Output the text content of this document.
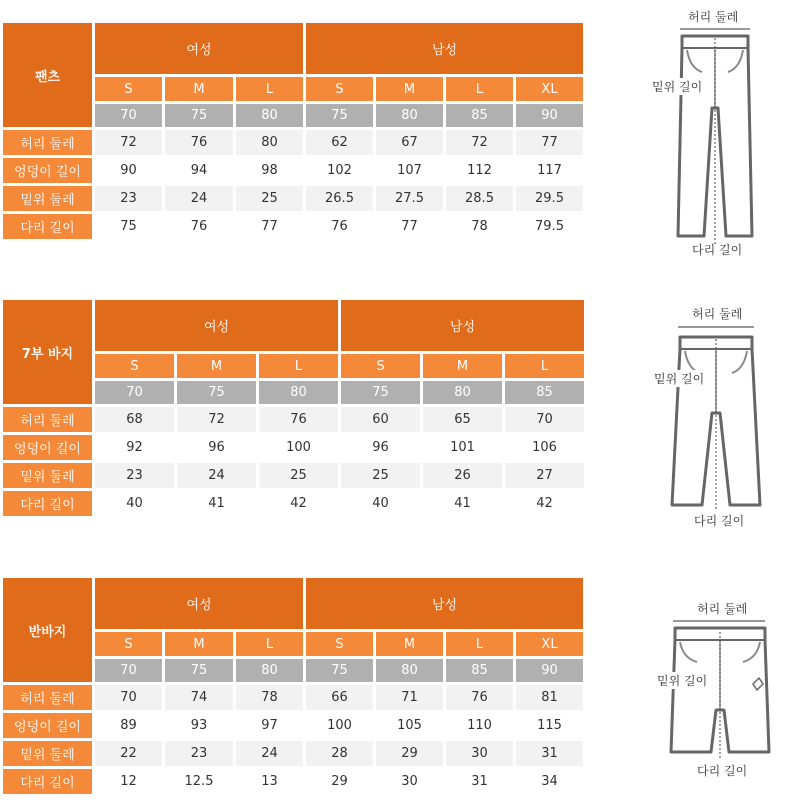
팬츠	여성			남성			
	S	M	L	S	M	L	XL
	70	75	80	75	80	85	90
허리 둘레	72	76	80	62	67	72	77
엉덩이 길이	90	94	98	102	107	112	117
밑위 둘레	23	24	25	26.5	27.5	28.5	29.5
다리 길이	75	76	77	76	77	78	79.5
허리 둘레
밑위 길이
다리 길이
7부 바지	여성			남성		
	S	M	L	S	M	L
	70	75	80	75	80	85
허리 둘레	68	72	76	60	65	70
엉덩이 길이	92	96	100	96	101	106
밑위 둘레	23	24	25	25	26	27
다리 길이	40	41	42	40	41	42
허리 둘레
밑위 길이
다리 길이
반바지	여성			남성			
	S	M	L	S	M	L	XL
	70	75	80	75	80	85	90
허리 둘레	70	74	78	66	71	76	81
엉덩이 길이	89	93	97	100	105	110	115
밑위 둘레	22	23	24	28	29	30	31
다리 길이	12	12.5	13	29	30	31	34
허리 둘레
밑위 길이
다리 길이
